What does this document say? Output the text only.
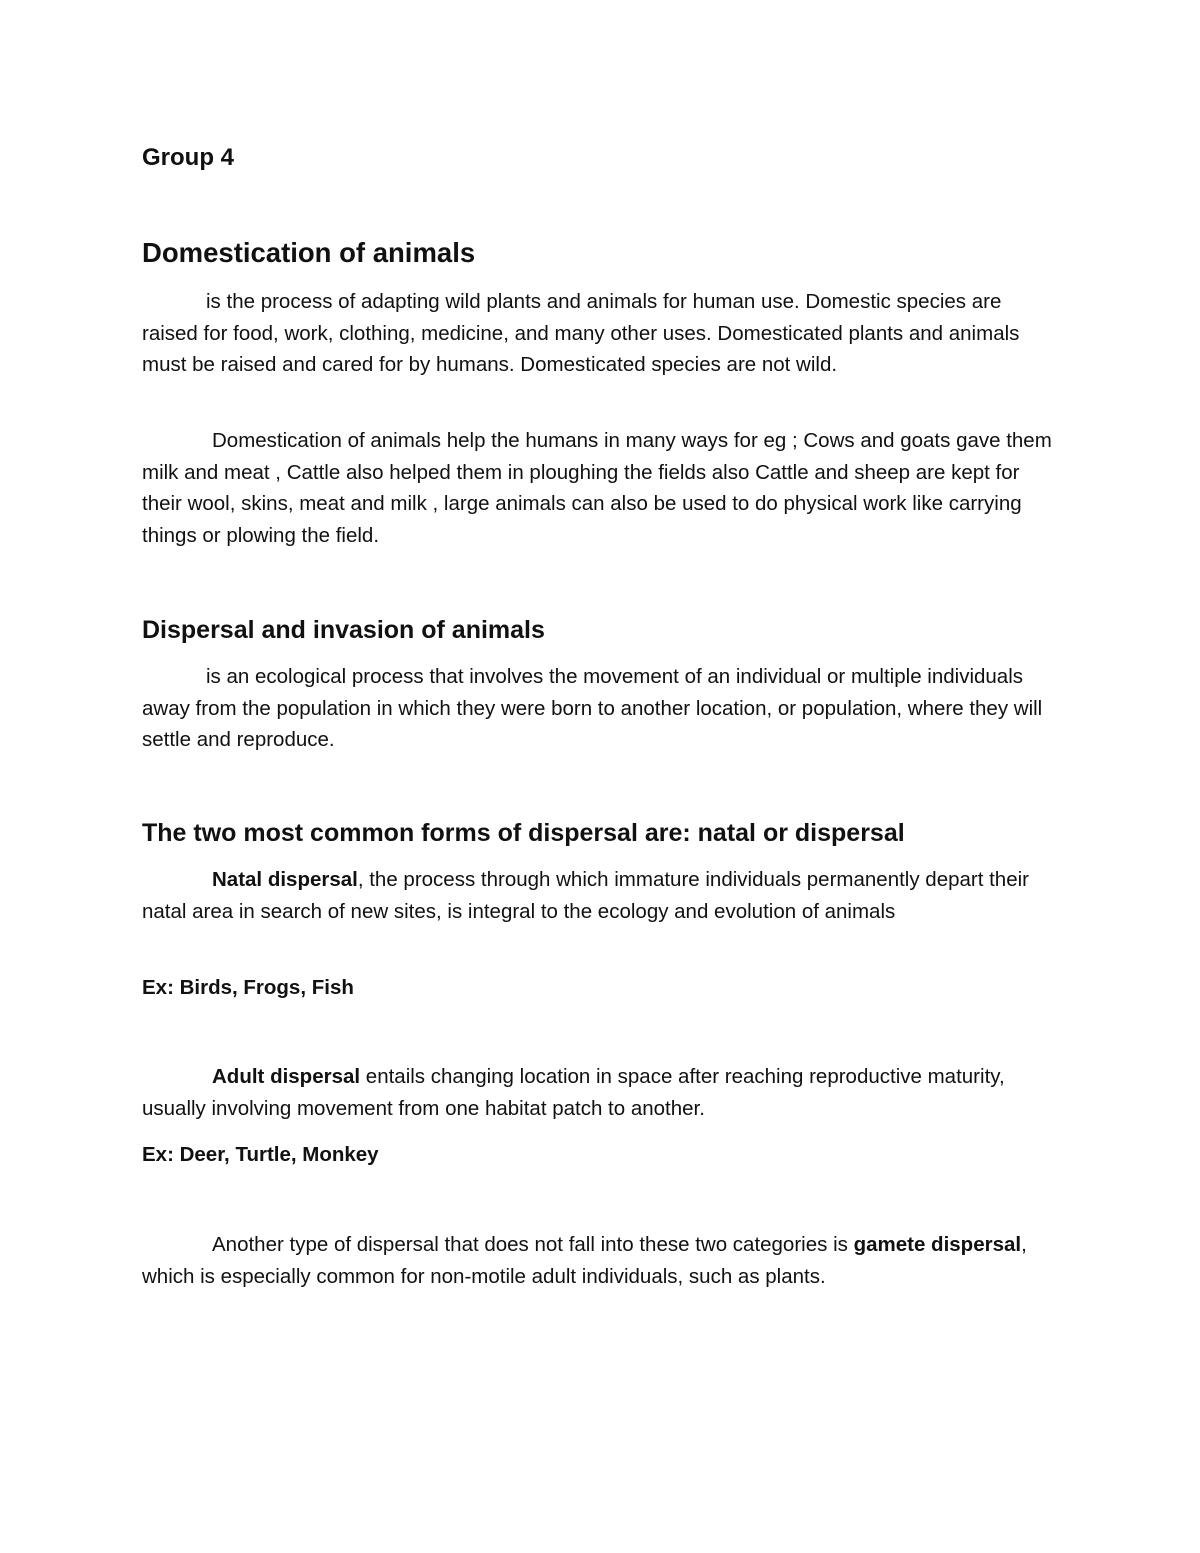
Group 4
Domestication of animals

is the process of adapting wild plants and animals for human use. Domestic species are raised for food, work, clothing, medicine, and many other uses. Domesticated plants and animals must be raised and cared for by humans. Domesticated species are not wild.

Domestication of animals help the humans in many ways for eg ; Cows and goats gave them milk and meat , Cattle also helped them in ploughing the fields also Cattle and sheep are kept for their wool, skins, meat and milk , large animals can also be used to do physical work like carrying things or plowing the field.

Dispersal and invasion of animals

is an ecological process that involves the movement of an individual or multiple individuals away from the population in which they were born to another location, or population, where they will settle and reproduce.

The two most common forms of dispersal are: natal or dispersal

Natal dispersal, the process through which immature individuals permanently depart their natal area in search of new sites, is integral to the ecology and evolution of animals

Ex: Birds, Frogs, Fish

Adult dispersal entails changing location in space after reaching reproductive maturity, usually involving movement from one habitat patch to another.

Ex: Deer, Turtle, Monkey

Another type of dispersal that does not fall into these two categories is gamete dispersal, which is especially common for non-motile adult individuals, such as plants.
